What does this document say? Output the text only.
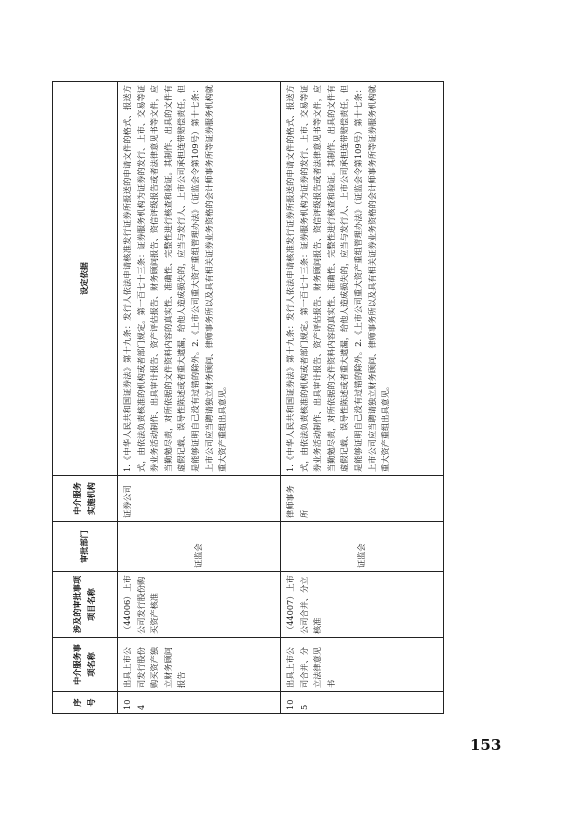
序号	中介服务事项名称	涉及的审批事项项目名称	审批部门	中介服务实施机构	设定依据
104	出具上市公司发行股份购买资产独立财务顾问报告	（44006）上市公司发行股份购买资产核准	证监会	证券公司	1.《中华人民共和国证券法》第十九条：发行人依法申请核准发行证券所报送的申请文件的格式、报送方式，由依法负责核准的机构或者部门规定。第一百七十三条：证券服务机构为证券的发行、上市、交易等证券业务活动制作、出具审计报告、资产评估报告、财务顾问报告、资信评级报告或者法律意见书等文件，应当勤勉尽责，对所依据的文件资料内容的真实性、准确性、完整性进行核查和验证。其制作、出具的文件有虚假记载、误导性陈述或者重大遗漏，给他人造成损失的，应当与发行人、上市公司承担连带赔偿责任，但是能够证明自己没有过错的除外。2.《上市公司重大资产重组管理办法》（证监会令第109号）第十七条：上市公司应当聘请独立财务顾问、律师事务所以及具有相关证券业务资格的会计师事务所等证券服务机构就重大资产重组出具意见。
105	出具上市公司合并、分立法律意见书	（44007）上市公司合并、分立核准	证监会	律师事务所	1.《中华人民共和国证券法》第十九条：发行人依法申请核准发行证券所报送的申请文件的格式、报送方式，由依法负责核准的机构或者部门规定。第一百七十三条：证券服务机构为证券的发行、上市、交易等证券业务活动制作、出具审计报告、资产评估报告、财务顾问报告、资信评级报告或者法律意见书等文件，应当勤勉尽责，对所依据的文件资料内容的真实性、准确性、完整性进行核查和验证。其制作、出具的文件有虚假记载、误导性陈述或者重大遗漏，给他人造成损失的，应当与发行人、上市公司承担连带赔偿责任，但是能够证明自己没有过错的除外。2.《上市公司重大资产重组管理办法》（证监会令第109号）第十七条：上市公司应当聘请独立财务顾问、律师事务所以及具有相关证券业务资格的会计师事务所等证券服务机构就重大资产重组出具意见。
153
